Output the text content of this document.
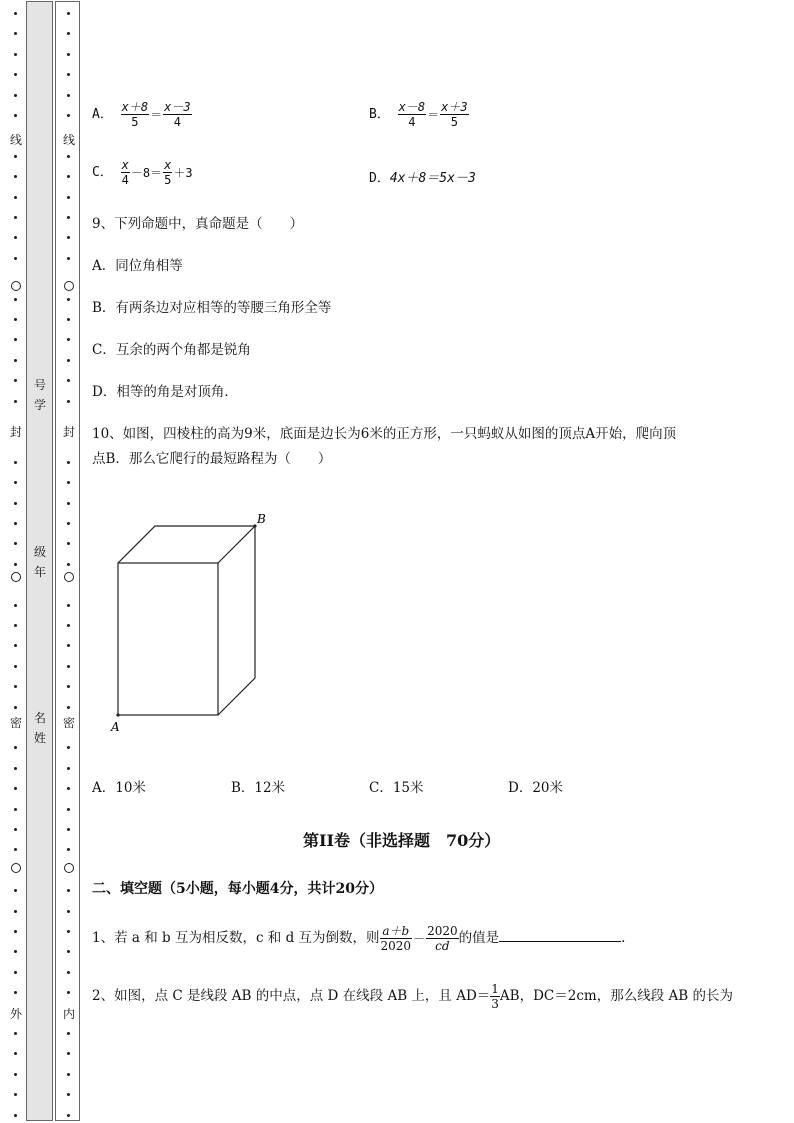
线
封
密
外
线
封
密
内
号学
级年
名姓
A． $\frac{x+8}{5} = \frac{x-3}{4}$	B． $\frac{x-8}{4} = \frac{x+3}{5}$
C． $\frac{x}{4} -8= \frac{x}{5} +3$	D．4x＋8＝5x－3
9、下列命题中，真命题是（　　）
A．同位角相等
B．有两条边对应相等的等腰三角形全等
C．互余的两个角都是锐角
D．相等的角是对顶角．
10、如图，四棱柱的高为9米，底面是边长为6米的正方形，一只蚂蚁从如图的顶点A开始，爬向顶
点B．那么它爬行的最短路程为（　　）
A
B
A．10米	B．12米	C．15米	D．20米
第II卷（非选择题　70分）
二、填空题（5小题，每小题4分，共计20分）
1、若 a 和 b 互为相反数，c 和 d 互为倒数，则 $\frac{a+b}{2020} - \frac{2020}{cd}$ 的值是	.
2、如图，点 C 是线段 AB 的中点，点 D 在线段 AB 上，且 $AD= \frac{1}{3}$ AB，DC＝2cm，那么线段 AB 的长为
